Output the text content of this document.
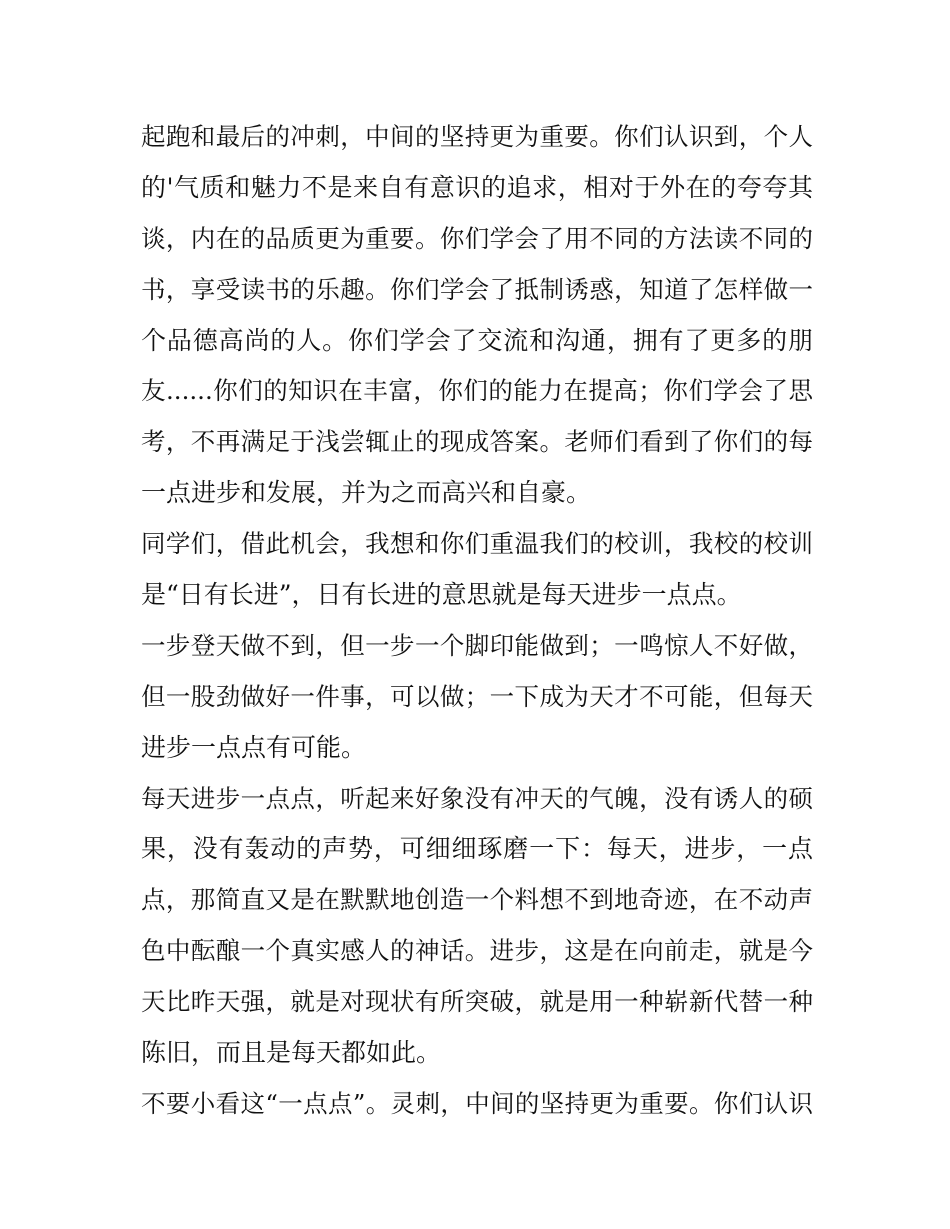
起跑和最后的冲刺，中间的坚持更为重要。你们认识到，个人
的'气质和魅力不是来自有意识的追求，相对于外在的夸夸其
谈，内在的品质更为重要。你们学会了用不同的方法读不同的
书，享受读书的乐趣。你们学会了抵制诱惑，知道了怎样做一
个品德高尚的人。你们学会了交流和沟通，拥有了更多的朋
友......你们的知识在丰富，你们的能力在提高；你们学会了思
考，不再满足于浅尝辄止的现成答案。老师们看到了你们的每
一点进步和发展，并为之而高兴和自豪。
同学们，借此机会，我想和你们重温我们的校训，我校的校训
是“日有长进”，日有长进的意思就是每天进步一点点。
一步登天做不到，但一步一个脚印能做到；一鸣惊人不好做，
但一股劲做好一件事，可以做；一下成为天才不可能，但每天
进步一点点有可能。
每天进步一点点，听起来好象没有冲天的气魄，没有诱人的硕
果，没有轰动的声势，可细细琢磨一下：每天，进步，一点
点，那简直又是在默默地创造一个料想不到地奇迹，在不动声
色中酝酿一个真实感人的神话。进步，这是在向前走，就是今
天比昨天强，就是对现状有所突破，就是用一种崭新代替一种
陈旧，而且是每天都如此。
不要小看这“一点点”。灵刺，中间的坚持更为重要。你们认识
